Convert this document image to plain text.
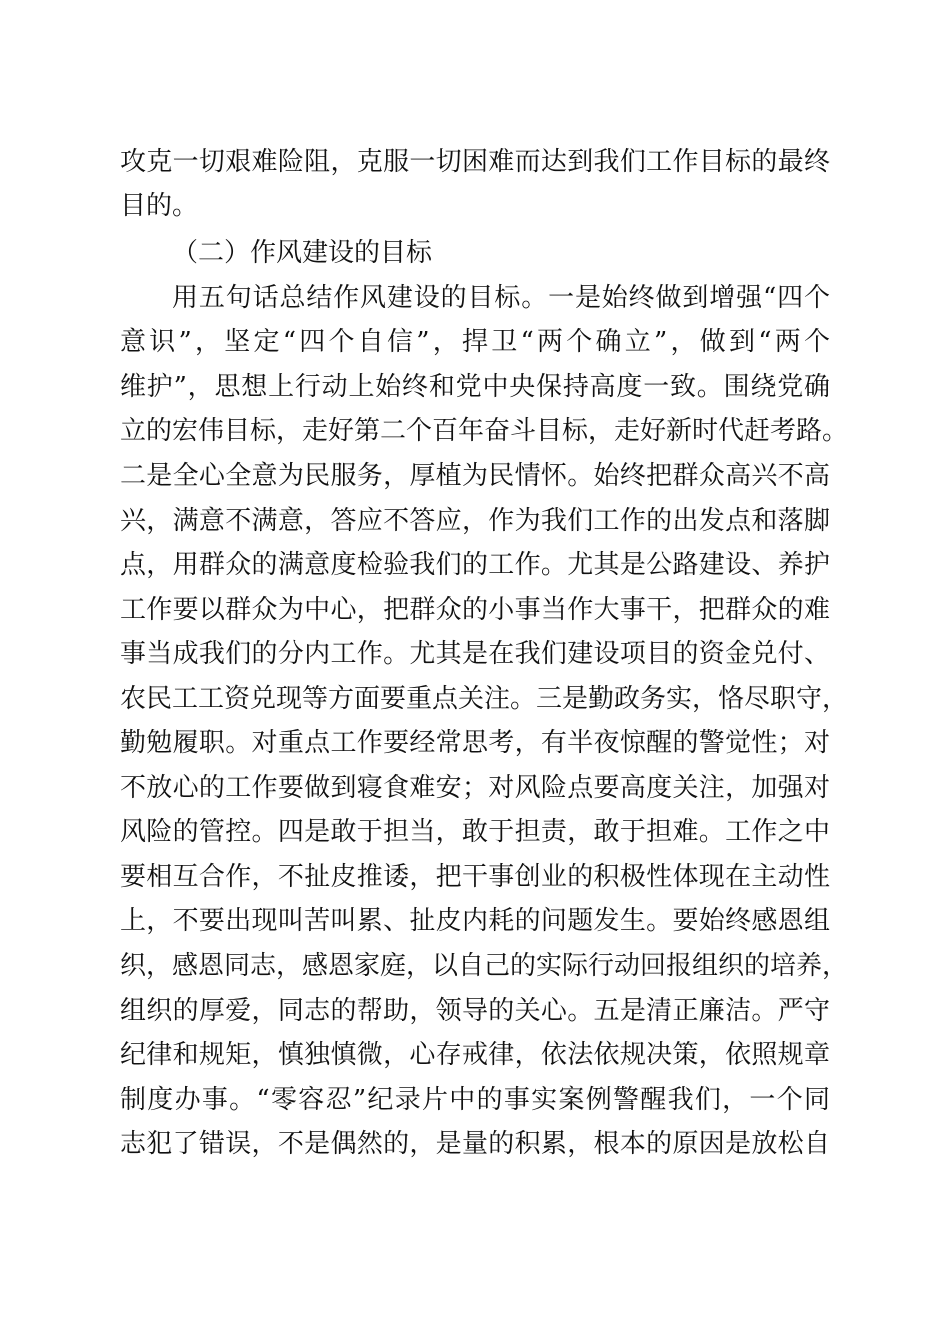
攻克一切艰难险阻，克服一切困难而达到我们工作目标的最终
目的。
（二）作风建设的目标
用五句话总结作风建设的目标。一是始终做到增强“四个
意识”，坚定“四个自信”，捍卫“两个确立”，做到“两个
维护”，思想上行动上始终和党中央保持高度一致。围绕党确
立的宏伟目标，走好第二个百年奋斗目标，走好新时代赶考路。
二是全心全意为民服务，厚植为民情怀。始终把群众高兴不高
兴，满意不满意，答应不答应，作为我们工作的出发点和落脚
点，用群众的满意度检验我们的工作。尤其是公路建设、养护
工作要以群众为中心，把群众的小事当作大事干，把群众的难
事当成我们的分内工作。尤其是在我们建设项目的资金兑付、
农民工工资兑现等方面要重点关注。三是勤政务实，恪尽职守，
勤勉履职。对重点工作要经常思考，有半夜惊醒的警觉性；对
不放心的工作要做到寝食难安；对风险点要高度关注，加强对
风险的管控。四是敢于担当，敢于担责，敢于担难。工作之中
要相互合作，不扯皮推诿，把干事创业的积极性体现在主动性
上，不要出现叫苦叫累、扯皮内耗的问题发生。要始终感恩组
织，感恩同志，感恩家庭，以自己的实际行动回报组织的培养，
组织的厚爱，同志的帮助，领导的关心。五是清正廉洁。严守
纪律和规矩，慎独慎微，心存戒律，依法依规决策，依照规章
制度办事。“零容忍”纪录片中的事实案例警醒我们，一个同
志犯了错误，不是偶然的，是量的积累，根本的原因是放松自
